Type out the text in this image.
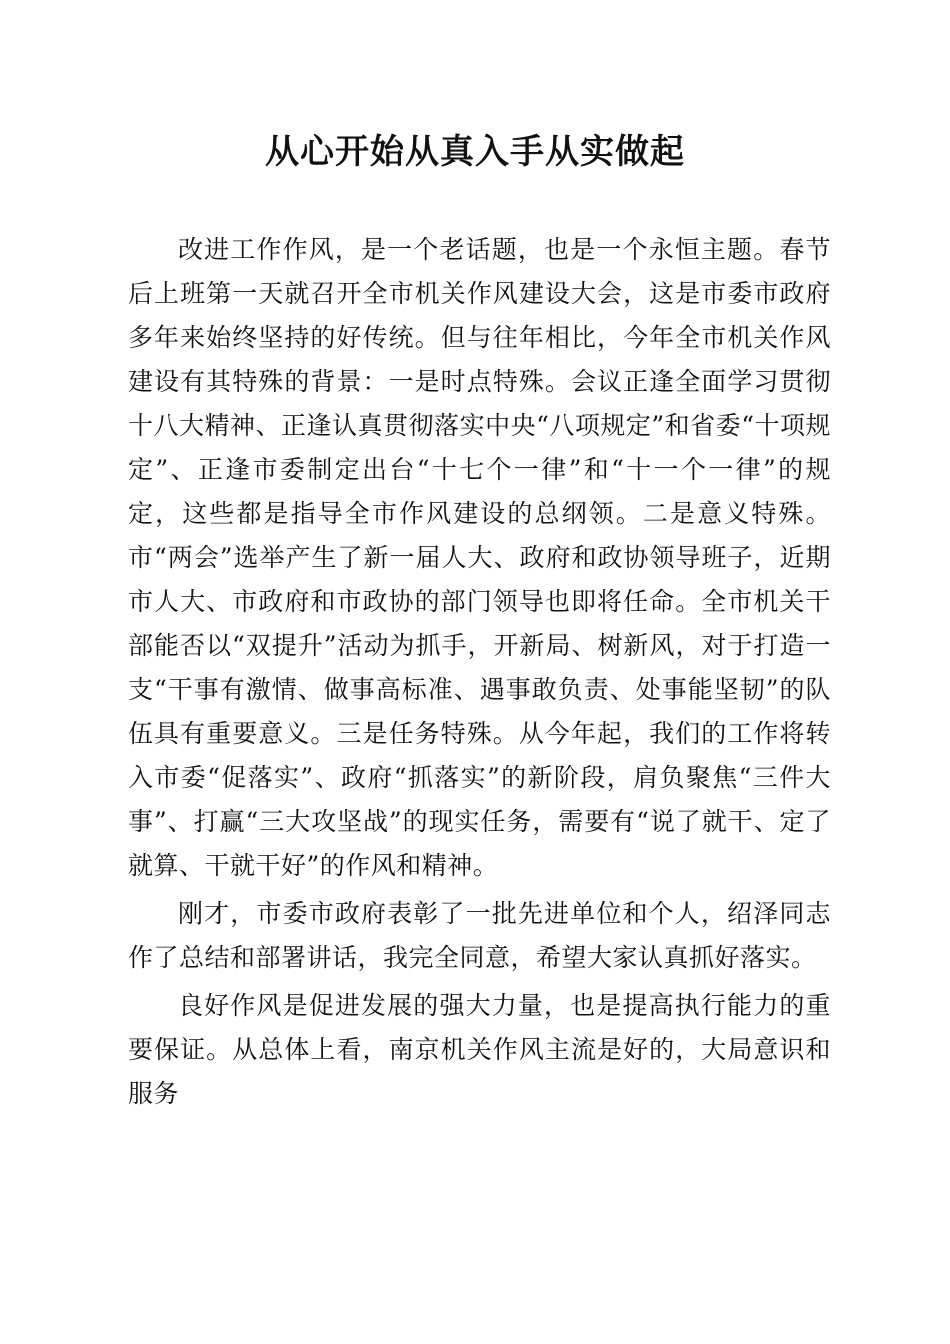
从心开始从真入手从实做起

改进工作作风，是一个老话题，也是一个永恒主题。春节后上班第一天就召开全市机关作风建设大会，这是市委市政府多年来始终坚持的好传统。但与往年相比，今年全市机关作风建设有其特殊的背景：一是时点特殊。会议正逢全面学习贯彻十八大精神、正逢认真贯彻落实中央“八项规定”和省委“十项规定”、正逢市委制定出台“十七个一律”和“十一个一律”的规定，这些都是指导全市作风建设的总纲领。二是意义特殊。市“两会”选举产生了新一届人大、政府和政协领导班子，近期市人大、市政府和市政协的部门领导也即将任命。全市机关干部能否以“双提升”活动为抓手，开新局、树新风，对于打造一支“干事有激情、做事高标准、遇事敢负责、处事能坚韧”的队伍具有重要意义。三是任务特殊。从今年起，我们的工作将转入市委“促落实”、政府“抓落实”的新阶段，肩负聚焦“三件大事”、打赢“三大攻坚战”的现实任务，需要有“说了就干、定了就算、干就干好”的作风和精神。

刚才，市委市政府表彰了一批先进单位和个人，绍泽同志作了总结和部署讲话，我完全同意，希望大家认真抓好落实。

良好作风是促进发展的强大力量，也是提高执行能力的重要保证。从总体上看，南京机关作风主流是好的，大局意识和服务
